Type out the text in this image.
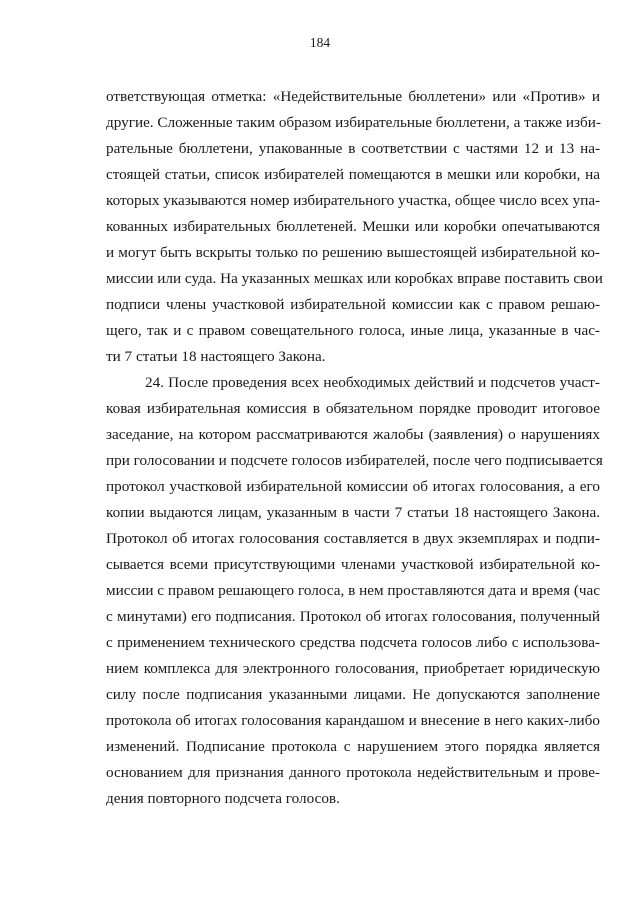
184

ответствующая отметка: «Недействительные бюллетени» или «Против» и

другие. Сложенные таким образом избирательные бюллетени, а также изби-

рательные бюллетени, упакованные в соответствии с частями 12 и 13 на-

стоящей статьи, список избирателей помещаются в мешки или коробки, на

которых указываются номер избирательного участка, общее число всех упа-

кованных избирательных бюллетеней. Мешки или коробки опечатываются

и могут быть вскрыты только по решению вышестоящей избирательной ко-

миссии или суда. На указанных мешках или коробках вправе поставить свои

подписи члены участковой избирательной комиссии как с правом решаю-

щего, так и с правом совещательного голоса, иные лица, указанные в час-

ти 7 статьи 18 настоящего Закона.

24. После проведения всех необходимых действий и подсчетов участ-

ковая избирательная комиссия в обязательном порядке проводит итоговое

заседание, на котором рассматриваются жалобы (заявления) о нарушениях

при голосовании и подсчете голосов избирателей, после чего подписывается

протокол участковой избирательной комиссии об итогах голосования, а его

копии выдаются лицам, указанным в части 7 статьи 18 настоящего Закона.

Протокол об итогах голосования составляется в двух экземплярах и подпи-

сывается всеми присутствующими членами участковой избирательной ко-

миссии с правом решающего голоса, в нем проставляются дата и время (час

с минутами) его подписания. Протокол об итогах голосования, полученный

с применением технического средства подсчета голосов либо с использова-

нием комплекса для электронного голосования, приобретает юридическую

силу после подписания указанными лицами. Не допускаются заполнение

протокола об итогах голосования карандашом и внесение в него каких-либо

изменений. Подписание протокола с нарушением этого порядка является

основанием для признания данного протокола недействительным и прове-

дения повторного подсчета голосов.
